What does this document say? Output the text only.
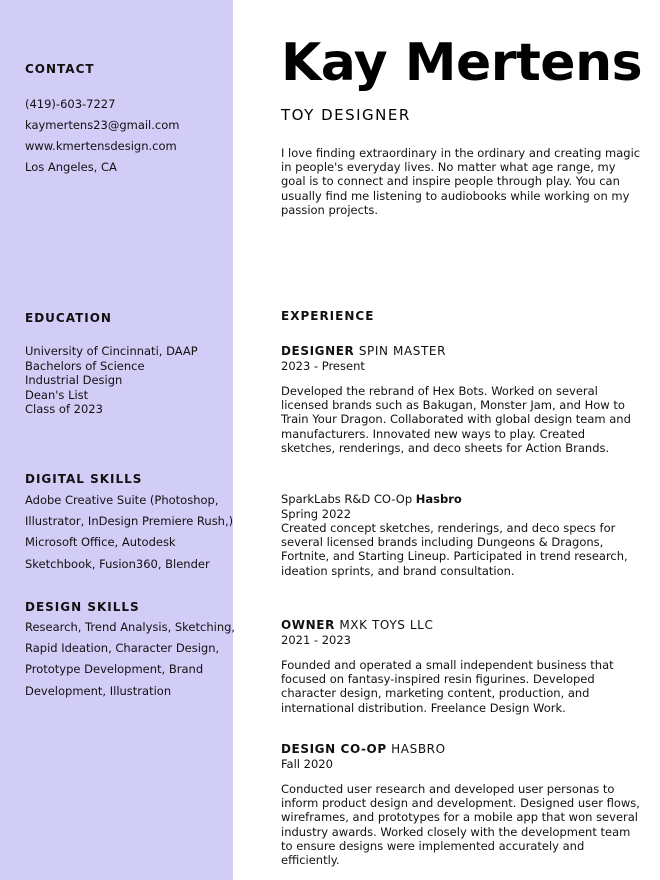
CONTACT
(419)-603-7227
kaymertens23@gmail.com
www.kmertensdesign.com
Los Angeles, CA
EDUCATION
University of Cincinnati, DAAP
Bachelors of Science
Industrial Design
Dean's List
Class of 2023
DIGITAL SKILLS
Adobe Creative Suite (Photoshop,
Illustrator, InDesign Premiere Rush,)
Microsoft Office, Autodesk
Sketchbook, Fusion360, Blender
DESIGN SKILLS
Research, Trend Analysis, Sketching,
Rapid Ideation, Character Design,
Prototype Development, Brand
Development, Illustration
Kay Mertens
TOY DESIGNER
I love finding extraordinary in the ordinary and creating magic in people's everyday lives. No matter what age range, my goal is to connect and inspire people through play. You can usually find me listening to audiobooks while working on my passion projects.
EXPERIENCE
DESIGNER SPIN MASTER
2023 - Present
Developed the rebrand of Hex Bots. Worked on several licensed brands such as Bakugan, Monster Jam, and How to Train Your Dragon. Collaborated with global design team and manufacturers. Innovated new ways to play. Created sketches, renderings, and deco sheets for Action Brands.
SparkLabs R&D CO-Op Hasbro
Spring 2022
Created concept sketches, renderings, and deco specs for several licensed brands including Dungeons & Dragons, Fortnite, and Starting Lineup. Participated in trend research, ideation sprints, and brand consultation.
OWNER MXK TOYS LLC
2021 - 2023
Founded and operated a small independent business that focused on fantasy-inspired resin figurines. Developed character design, marketing content, production, and international distribution. Freelance Design Work.
DESIGN CO-OP HASBRO
Fall 2020
Conducted user research and developed user personas to inform product design and development. Designed user flows, wireframes, and prototypes for a mobile app that won several industry awards. Worked closely with the development team to ensure designs were implemented accurately and efficiently.
